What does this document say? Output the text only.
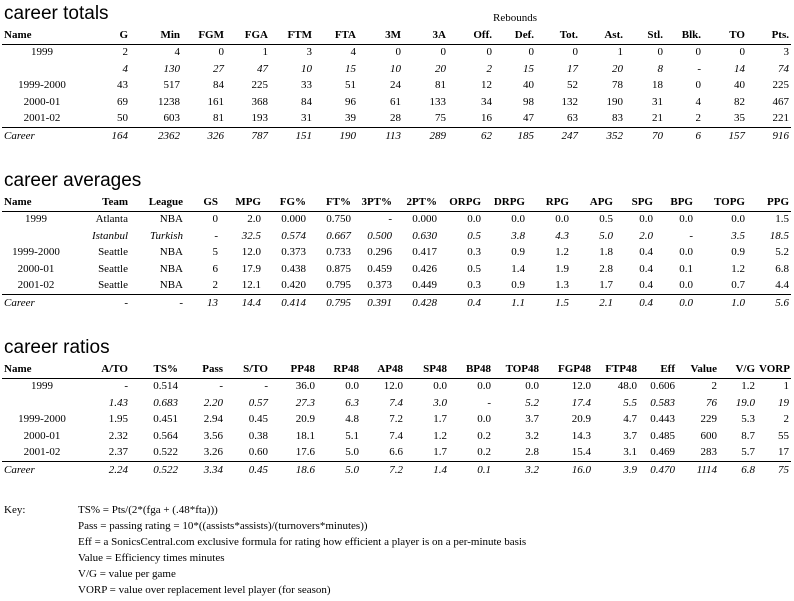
career totals	Rebounds
Name	G	Min	FGM	FGA	FTM	FTA	3M	3A	Off.	Def.	Tot.	Ast.	Stl.	Blk.	TO	Pts.
1999	2	4	0	1	3	4	0	0	0	0	0	1	0	0	0	3
	4	130	27	47	10	15	10	20	2	15	17	20	8	-	14	74
1999-2000	43	517	84	225	33	51	24	81	12	40	52	78	18	0	40	225
2000-01	69	1238	161	368	84	96	61	133	34	98	132	190	31	4	82	467
2001-02	50	603	81	193	31	39	28	75	16	47	63	83	21	2	35	221
Career	164	2362	326	787	151	190	113	289	62	185	247	352	70	6	157	916
career averages
Name	Team	League	GS	MPG	FG%	FT%	3PT%	2PT%	ORPG	DRPG	RPG	APG	SPG	BPG	TOPG	PPG
1999	Atlanta	NBA	0	2.0	0.000	0.750	-	0.000	0.0	0.0	0.0	0.5	0.0	0.0	0.0	1.5
	Istanbul	Turkish	-	32.5	0.574	0.667	0.500	0.630	0.5	3.8	4.3	5.0	2.0	-	3.5	18.5
1999-2000	Seattle	NBA	5	12.0	0.373	0.733	0.296	0.417	0.3	0.9	1.2	1.8	0.4	0.0	0.9	5.2
2000-01	Seattle	NBA	6	17.9	0.438	0.875	0.459	0.426	0.5	1.4	1.9	2.8	0.4	0.1	1.2	6.8
2001-02	Seattle	NBA	2	12.1	0.420	0.795	0.373	0.449	0.3	0.9	1.3	1.7	0.4	0.0	0.7	4.4
Career	-	-	13	14.4	0.414	0.795	0.391	0.428	0.4	1.1	1.5	2.1	0.4	0.0	1.0	5.6
career ratios
Name	A/TO	TS%	Pass	S/TO	PP48	RP48	AP48	SP48	BP48	TOP48	FGP48	FTP48	Eff	Value	V/G	VORP
1999	-	0.514	-	-	36.0	0.0	12.0	0.0	0.0	0.0	12.0	48.0	0.606	2	1.2	1
	1.43	0.683	2.20	0.57	27.3	6.3	7.4	3.0	-	5.2	17.4	5.5	0.583	76	19.0	19
1999-2000	1.95	0.451	2.94	0.45	20.9	4.8	7.2	1.7	0.0	3.7	20.9	4.7	0.443	229	5.3	2
2000-01	2.32	0.564	3.56	0.38	18.1	5.1	7.4	1.2	0.2	3.2	14.3	3.7	0.485	600	8.7	55
2001-02	2.37	0.522	3.26	0.60	17.6	5.0	6.6	1.7	0.2	2.8	15.4	3.1	0.469	283	5.7	17
Career	2.24	0.522	3.34	0.45	18.6	5.0	7.2	1.4	0.1	3.2	16.0	3.9	0.470	1114	6.8	75
Key:	TS% = Pts/(2*(fga + (.48*fta)))
Pass = passing rating = 10*((assists*assists)/(turnovers*minutes))
Eff = a SonicsCentral.com exclusive formula for rating how efficient a player is on a per-minute basis
Value = Efficiency times minutes
V/G = value per game
VORP = value over replacement level player (for season)
